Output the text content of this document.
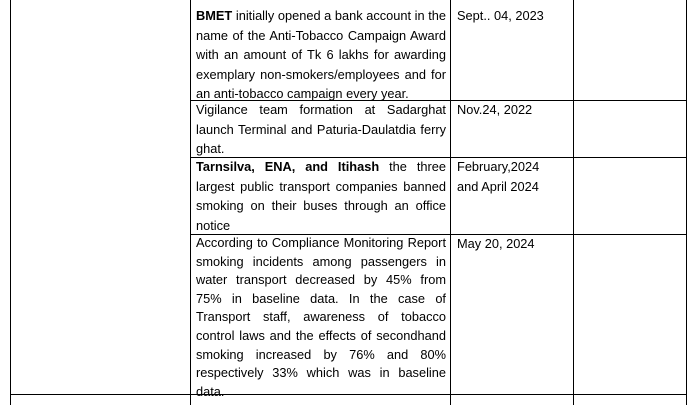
BMET initially opened a bank account in the name of the Anti-Tobacco Campaign Award with an amount of Tk 6 lakhs for awarding exemplary non-smokers/employees and for an anti-tobacco campaign every year.
Sept.. 04, 2023
Vigilance team formation at Sadarghat launch Terminal and Paturia-Daulatdia ferry ghat.
Nov.24, 2022
Tarnsilva, ENA, and Itihash the three largest public transport companies banned smoking on their buses through an office notice
February,2024 and April 2024
According to Compliance Monitoring Report smoking incidents among passengers in water transport decreased by 45% from 75% in baseline data. In the case of Transport staff, awareness of tobacco control laws and the effects of secondhand smoking increased by 76% and 80% respectively 33% which was in baseline data.
May 20, 2024
